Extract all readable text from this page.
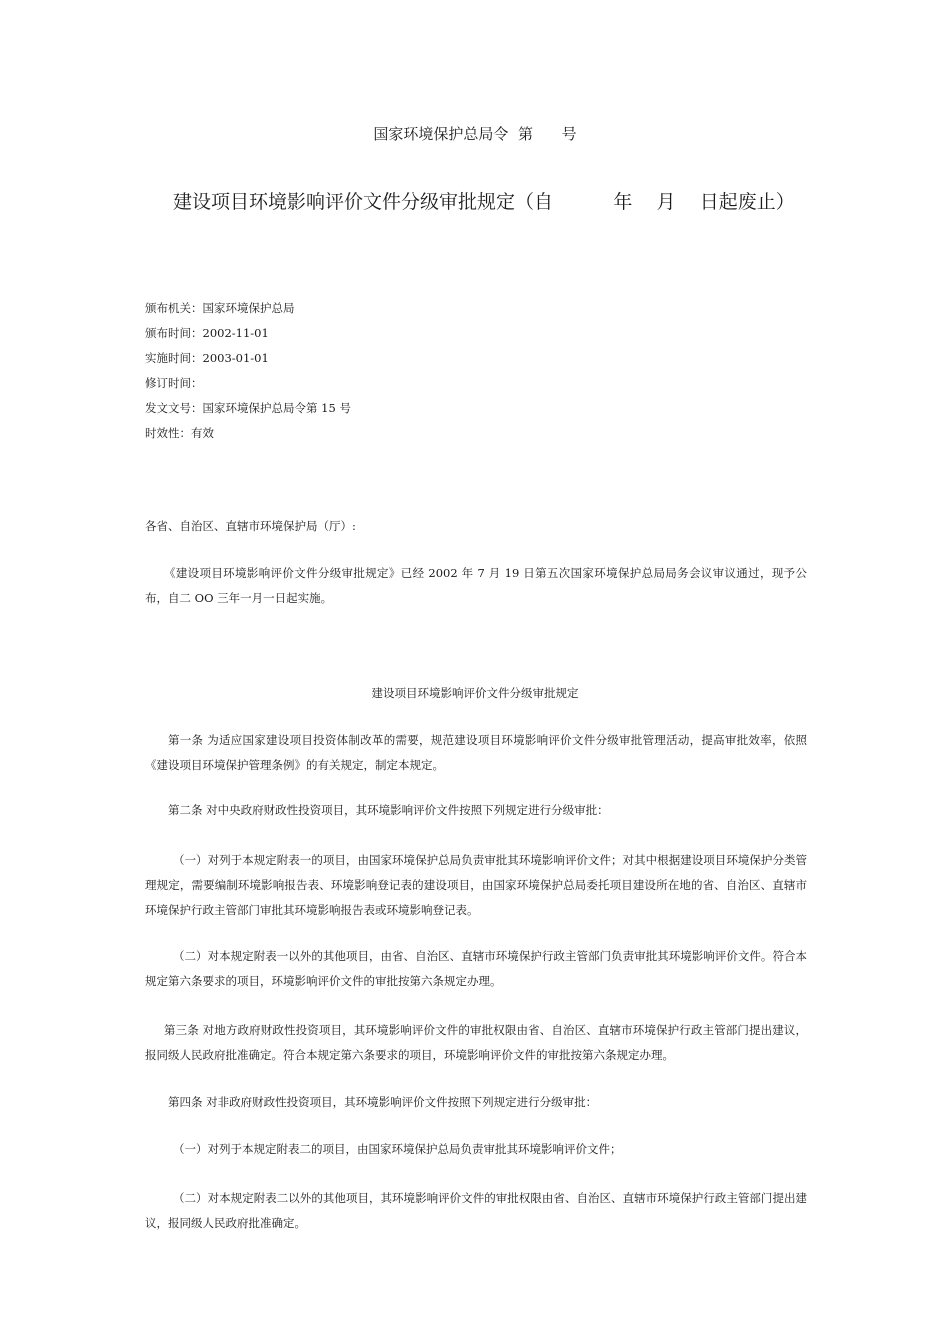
国家环境保护总局令  第      号
建设项目环境影响评价文件分级审批规定（自          年    月    日起废止）
颁布机关：国家环境保护总局
颁布时间：2002-11-01
实施时间：2003-01-01
修订时间：
发文文号：国家环境保护总局令第 15 号
时效性：有效
各省、自治区、直辖市环境保护局（厅）:
《建设项目环境影响评价文件分级审批规定》已经 2002 年 7 月 19 日第五次国家环境保护总局局务会议审议通过，现予公布，自二 OO 三年一月一日起实施。
建设项目环境影响评价文件分级审批规定
第一条 为适应国家建设项目投资体制改革的需要，规范建设项目环境影响评价文件分级审批管理活动，提高审批效率，依照《建设项目环境保护管理条例》的有关规定，制定本规定。
第二条 对中央政府财政性投资项目，其环境影响评价文件按照下列规定进行分级审批：
（一）对列于本规定附表一的项目，由国家环境保护总局负责审批其环境影响评价文件；对其中根据建设项目环境保护分类管理规定，需要编制环境影响报告表、环境影响登记表的建设项目，由国家环境保护总局委托项目建设所在地的省、自治区、直辖市环境保护行政主管部门审批其环境影响报告表或环境影响登记表。
（二）对本规定附表一以外的其他项目，由省、自治区、直辖市环境保护行政主管部门负责审批其环境影响评价文件。符合本规定第六条要求的项目，环境影响评价文件的审批按第六条规定办理。
第三条 对地方政府财政性投资项目，其环境影响评价文件的审批权限由省、自治区、直辖市环境保护行政主管部门提出建议，报同级人民政府批准确定。符合本规定第六条要求的项目，环境影响评价文件的审批按第六条规定办理。
第四条 对非政府财政性投资项目，其环境影响评价文件按照下列规定进行分级审批：
（一）对列于本规定附表二的项目，由国家环境保护总局负责审批其环境影响评价文件；
（二）对本规定附表二以外的其他项目，其环境影响评价文件的审批权限由省、自治区、直辖市环境保护行政主管部门提出建议，报同级人民政府批准确定。
